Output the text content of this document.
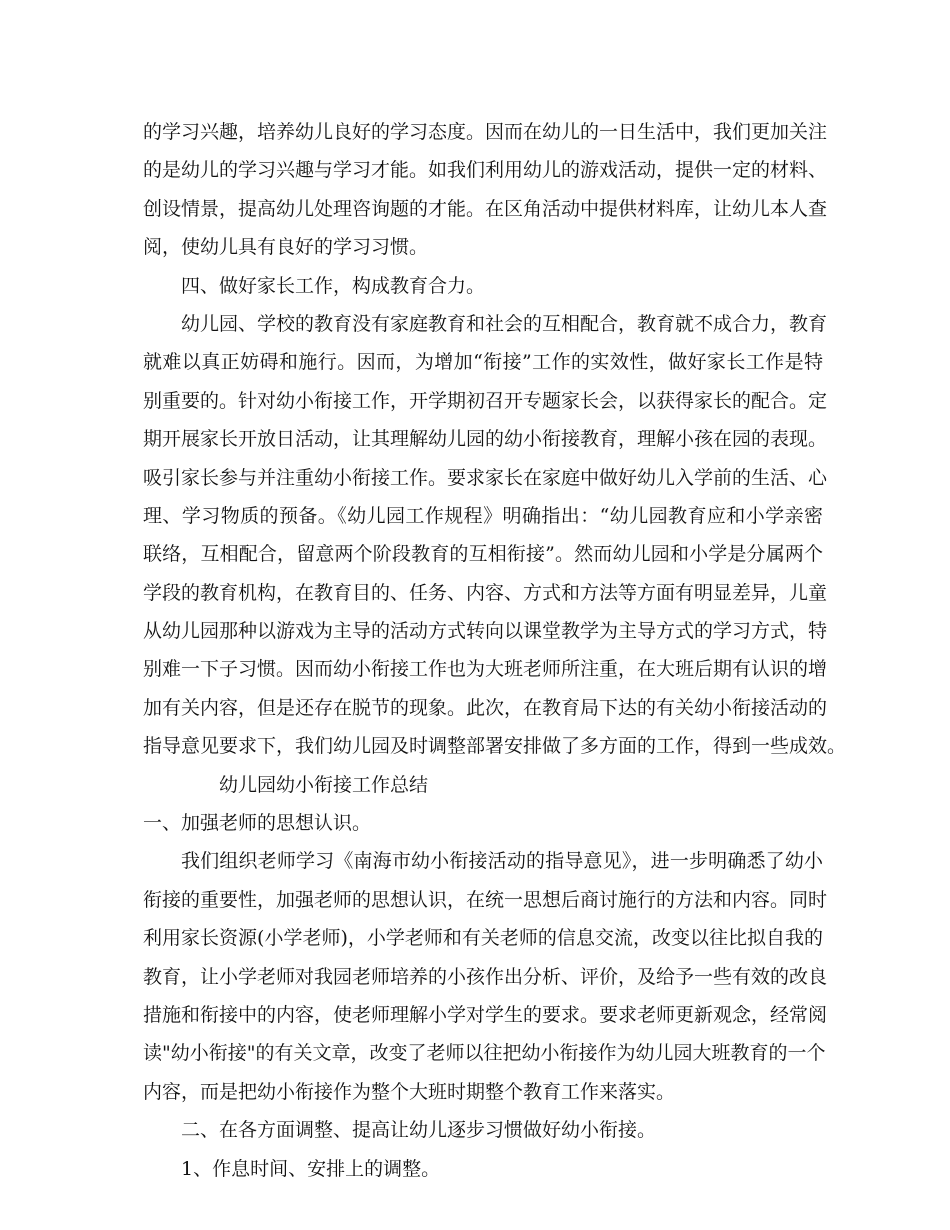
的学习兴趣，培养幼儿良好的学习态度。因而在幼儿的一日生活中，我们更加关注
的是幼儿的学习兴趣与学习才能。如我们利用幼儿的游戏活动，提供一定的材料、
创设情景，提高幼儿处理咨询题的才能。在区角活动中提供材料库，让幼儿本人查
阅，使幼儿具有良好的学习习惯。
四、做好家长工作，构成教育合力。
幼儿园、学校的教育没有家庭教育和社会的互相配合，教育就不成合力，教育
就难以真正妨碍和施行。因而，为增加“衔接”工作的实效性，做好家长工作是特
别重要的。针对幼小衔接工作，开学期初召开专题家长会，以获得家长的配合。定
期开展家长开放日活动，让其理解幼儿园的幼小衔接教育，理解小孩在园的表现。
吸引家长参与并注重幼小衔接工作。要求家长在家庭中做好幼儿入学前的生活、心
理、学习物质的预备。《幼儿园工作规程》明确指出：“幼儿园教育应和小学亲密
联络，互相配合，留意两个阶段教育的互相衔接”。然而幼儿园和小学是分属两个
学段的教育机构，在教育目的、任务、内容、方式和方法等方面有明显差异，儿童
从幼儿园那种以游戏为主导的活动方式转向以课堂教学为主导方式的学习方式，特
别难一下子习惯。因而幼小衔接工作也为大班老师所注重，在大班后期有认识的增
加有关内容，但是还存在脱节的现象。此次，在教育局下达的有关幼小衔接活动的
指导意见要求下，我们幼儿园及时调整部署安排做了多方面的工作，得到一些成效。
幼儿园幼小衔接工作总结
一、加强老师的思想认识。
我们组织老师学习《南海市幼小衔接活动的指导意见》，进一步明确悉了幼小
衔接的重要性，加强老师的思想认识，在统一思想后商讨施行的方法和内容。同时
利用家长资源(小学老师)，小学老师和有关老师的信息交流，改变以往比拟自我的
教育，让小学老师对我园老师培养的小孩作出分析、评价，及给予一些有效的改良
措施和衔接中的内容，使老师理解小学对学生的要求。要求老师更新观念，经常阅
读"幼小衔接"的有关文章，改变了老师以往把幼小衔接作为幼儿园大班教育的一个
内容，而是把幼小衔接作为整个大班时期整个教育工作来落实。
二、在各方面调整、提高让幼儿逐步习惯做好幼小衔接。
1、作息时间、安排上的调整。
